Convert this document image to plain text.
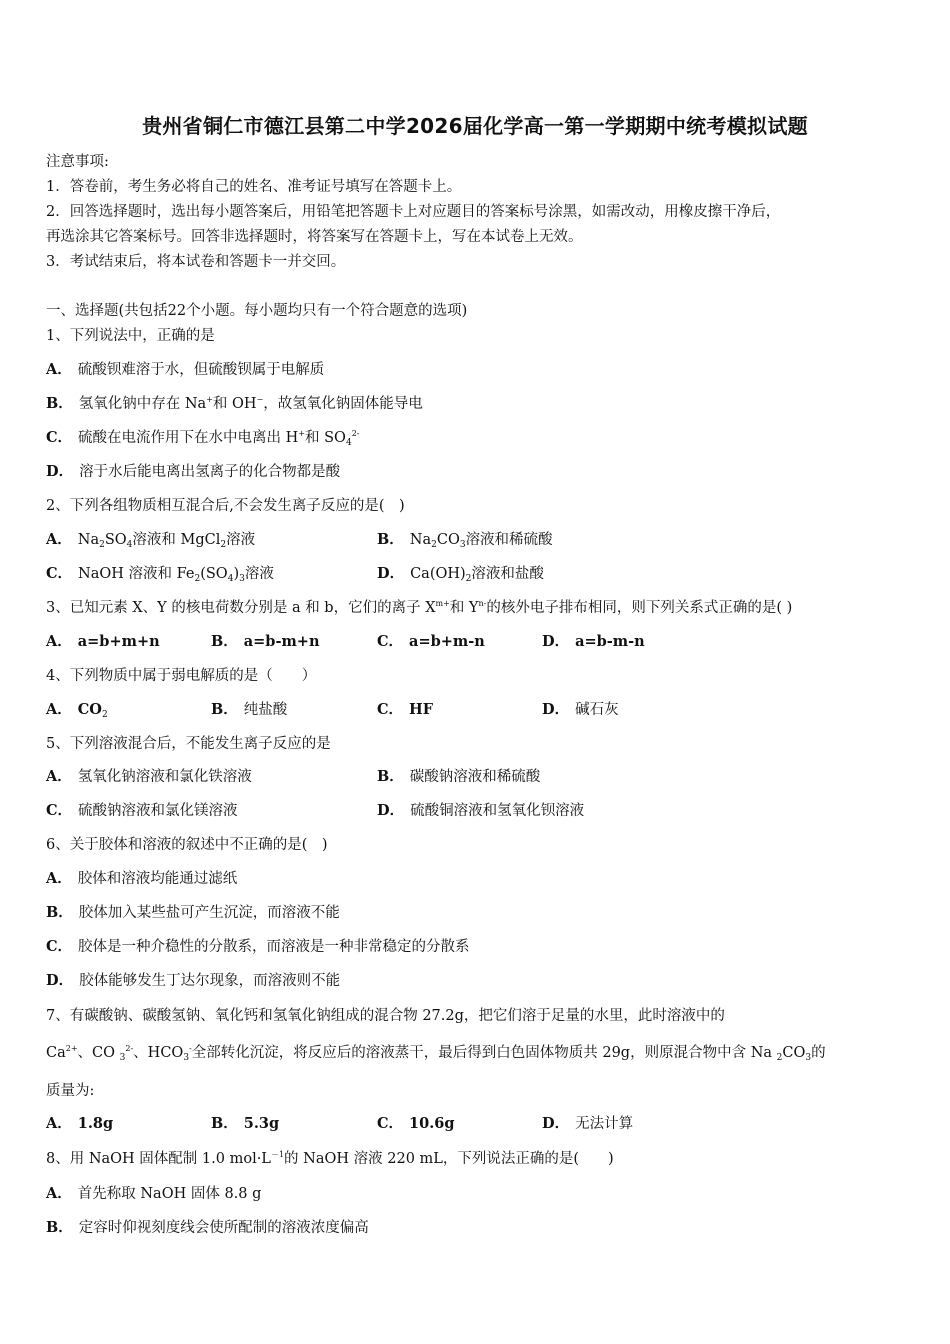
贵州省铜仁市德江县第二中学2026届化学高一第一学期期中统考模拟试题
注意事项:
1．答卷前，考生务必将自己的姓名、准考证号填写在答题卡上。
2．回答选择题时，选出每小题答案后，用铅笔把答题卡上对应题目的答案标号涂黑，如需改动，用橡皮擦干净后，
再选涂其它答案标号。回答非选择题时，将答案写在答题卡上，写在本试卷上无效。
3．考试结束后，将本试卷和答题卡一并交回。
一、选择题(共包括22个小题。每小题均只有一个符合题意的选项)
1、下列说法中，正确的是
A． 硫酸钡难溶于水，但硫酸钡属于电解质
B． 氢氧化钠中存在 Na+和 OH−，故氢氧化钠固体能导电
C． 硫酸在电流作用下在水中电离出 H+和 $SO_4^{2-}$
D． 溶于水后能电离出氢离子的化合物都是酸
2、下列各组物质相互混合后,不会发生离子反应的是(　)
A． $Na_2SO_4$溶液和 MgCl$_2$溶液	B． $Na_2CO_3$溶液和稀硫酸
C． NaOH 溶液和 $Fe_2(SO_4)_3$溶液	D． $Ca(OH)_2$溶液和盐酸
3、已知元素 X、Y 的核电荷数分别是 a 和 b，它们的离子 $X^{m+}$和 $Y^{n-}$的核外电子排布相同，则下列关系式正确的是( )
A． a=b+m+n	B． a=b-m+n	C． a=b+m-n	D． a=b-m-n
4、下列物质中属于弱电解质的是（　　）
A． $CO_2$	B． 纯盐酸	C． HF	D． 碱石灰
5、下列溶液混合后，不能发生离子反应的是
A． 氢氧化钠溶液和氯化铁溶液	B． 碳酸钠溶液和稀硫酸
C． 硫酸钠溶液和氯化镁溶液	D． 硫酸铜溶液和氢氧化钡溶液
6、关于胶体和溶液的叙述中不正确的是(　)
A． 胶体和溶液均能通过滤纸
B． 胶体加入某些盐可产生沉淀，而溶液不能
C． 胶体是一种介稳性的分散系，而溶液是一种非常稳定的分散系
D． 胶体能够发生丁达尔现象，而溶液则不能
7、有碳酸钠、碳酸氢钠、氧化钙和氢氧化钠组成的混合物 27.2g，把它们溶于足量的水里，此时溶液中的
$Ca^{2+}$、CO $_3^{2-}$、$HCO_3^-$全部转化沉淀，将反应后的溶液蒸干，最后得到白色固体物质共 29g，则原混合物中含 Na $_2CO_3$的
质量为:
A． 1.8g	B． 5.3g	C． 10.6g	D． 无法计算
8、用 NaOH 固体配制 1.0 $mol\cdot L^{-1}$的 NaOH 溶液 220 mL，下列说法正确的是(　　)
A． 首先称取 NaOH 固体 8.8 g
B． 定容时仰视刻度线会使所配制的溶液浓度偏高
